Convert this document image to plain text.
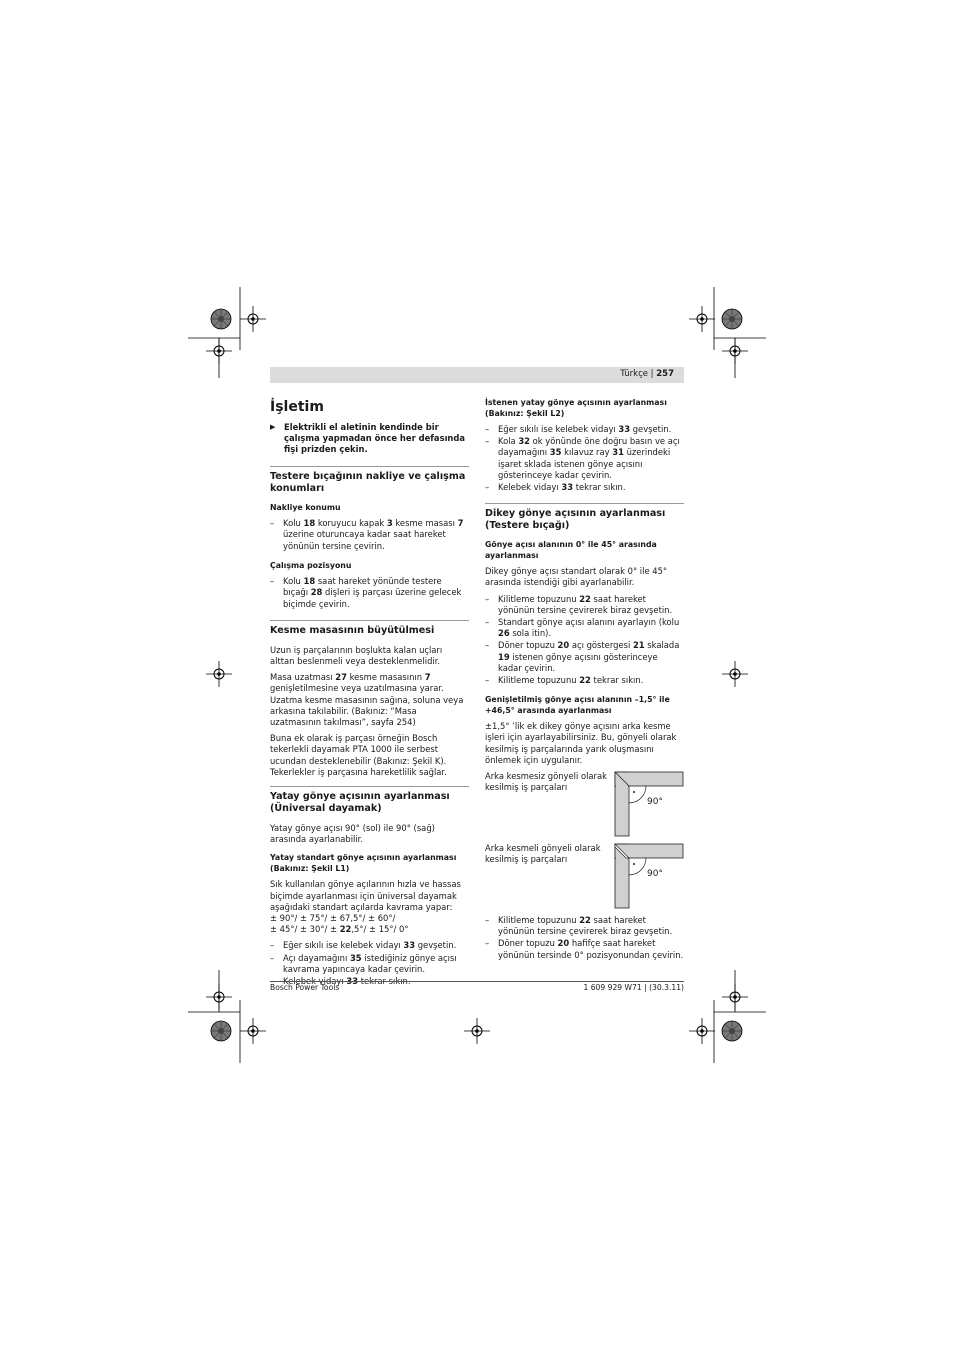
Türkçe | 257
İşletim
▶ Elektrikli el aletinin kendinde bir çalışma yapmadan önce her defasında fişi prizden çekin.
Testere bıçağının nakliye ve çalışma konumları
Nakliye konumu
– Kolu 18 koruyucu kapak 3 kesme masası 7 üzerine oturuncaya kadar saat hareket yönünün tersine çevirin.
Çalışma pozisyonu
– Kolu 18 saat hareket yönünde testere bıçağı 28 dişleri iş parçası üzerine gelecek biçimde çevirin.
Kesme masasının büyütülmesi
Uzun iş parçalarının boşlukta kalan uçları alttan beslenmeli veya desteklenmelidir.
Masa uzatması 27 kesme masasının 7 genişletilmesine veya uzatılmasına yarar. Uzatma kesme masasının sağına, soluna veya arkasına takılabilir. (Bakınız: “Masa uzatmasının takılması”, sayfa 254)
Buna ek olarak iş parçası örneğin Bosch tekerlekli dayamak PTA 1000 ile serbest ucundan desteklenebilir (Bakınız: Şekil K). Tekerlekler iş parçasına hareketlilik sağlar.
Yatay gönye açısının ayarlanması (Üniversal dayamak)
Yatay gönye açısı 90° (sol) ile 90° (sağ) arasında ayarlanabilir.
Yatay standart gönye açısının ayarlanması (Bakınız: Şekil L1)
Sık kullanılan gönye açılarının hızla ve hassas biçimde ayarlanması için üniversal dayamak aşağıdaki standart açılarda kavrama yapar:
± 90°/ ± 75°/ ± 67,5°/ ± 60°/
± 45°/ ± 30°/ ± 22,5°/ ± 15°/ 0°
– Eğer sıkılı ise kelebek vidayı 33 gevşetin.
– Açı dayamağını 35 istediğiniz gönye açısı kavrama yapıncaya kadar çevirin.
– Kelebek vidayı 33 tekrar sıkın.
İstenen yatay gönye açısının ayarlanması (Bakınız: Şekil L2)
– Eğer sıkılı ise kelebek vidayı 33 gevşetin.
– Kola 32 ok yönünde öne doğru basın ve açı dayamağını 35 kılavuz ray 31 üzerindeki işaret sklada istenen gönye açısını gösterinceye kadar çevirin.
– Kelebek vidayı 33 tekrar sıkın.
Dikey gönye açısının ayarlanması (Testere bıçağı)
Gönye açısı alanının 0° ile 45° arasında ayarlanması
Dikey gönye açısı standart olarak 0° ile 45° arasında istendiği gibi ayarlanabilir.
– Kilitleme topuzunu 22 saat hareket yönünün tersine çevirerek biraz gevşetin.
– Standart gönye açısı alanını ayarlayın (kolu 26 sola itin).
– Döner topuzu 20 açı göstergesi 21 skalada 19 istenen gönye açısını gösterinceye kadar çevirin.
– Kilitleme topuzunu 22 tekrar sıkın.
Genişletilmiş gönye açısı alanının –1,5° ile +46,5° arasında ayarlanması
±1,5° ’lik ek dikey gönye açısını arka kesme işleri için ayarlayabilirsiniz. Bu, gönyeli olarak kesilmiş iş parçalarında yarık oluşmasını önlemek için uygulanır.
Arka kesmesiz gönyeli olarak kesilmiş iş parçaları
90°
Arka kesmeli gönyeli olarak kesilmiş iş parçaları
90°
– Kilitleme topuzunu 22 saat hareket yönünün tersine çevirerek biraz gevşetin.
– Döner topuzu 20 hafifçe saat hareket yönünün tersinde 0° pozisyonundan çevirin.
Bosch Power Tools	1 609 929 W71 | (30.3.11)
